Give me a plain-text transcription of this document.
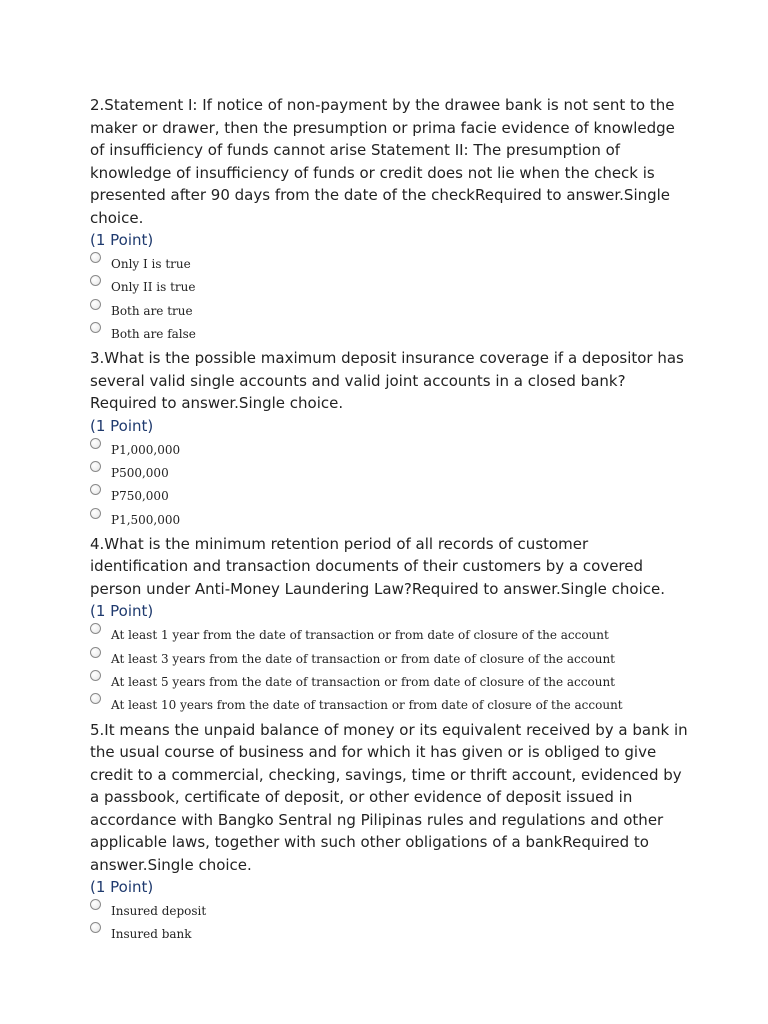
2.Statement I: If notice of non-payment by the drawee bank is not sent to the maker or drawer, then the presumption or prima facie evidence of knowledge of insufficiency of funds cannot arise Statement II: The presumption of knowledge of insufficiency of funds or credit does not lie when the check is presented after 90 days from the date of the checkRequired to answer.Single choice.

(1 Point)

Only I is true
Only II is true
Both are true
Both are false

3.What is the possible maximum deposit insurance coverage if a depositor has several valid single accounts and valid joint accounts in a closed bank?Required to answer.Single choice.

(1 Point)

P1,000,000
P500,000
P750,000
P1,500,000

4.What is the minimum retention period of all records of customer identification and transaction documents of their customers by a covered person under Anti-Money Laundering Law?Required to answer.Single choice.

(1 Point)

At least 1 year from the date of transaction or from date of closure of the account
At least 3 years from the date of transaction or from date of closure of the account
At least 5 years from the date of transaction or from date of closure of the account
At least 10 years from the date of transaction or from date of closure of the account

5.It means the unpaid balance of money or its equivalent received by a bank in the usual course of business and for which it has given or is obliged to give credit to a commercial, checking, savings, time or thrift account, evidenced by a passbook, certificate of deposit, or other evidence of deposit issued in accordance with Bangko Sentral ng Pilipinas rules and regulations and other applicable laws, together with such other obligations of a bankRequired to answer.Single choice.

(1 Point)

Insured deposit
Insured bank
